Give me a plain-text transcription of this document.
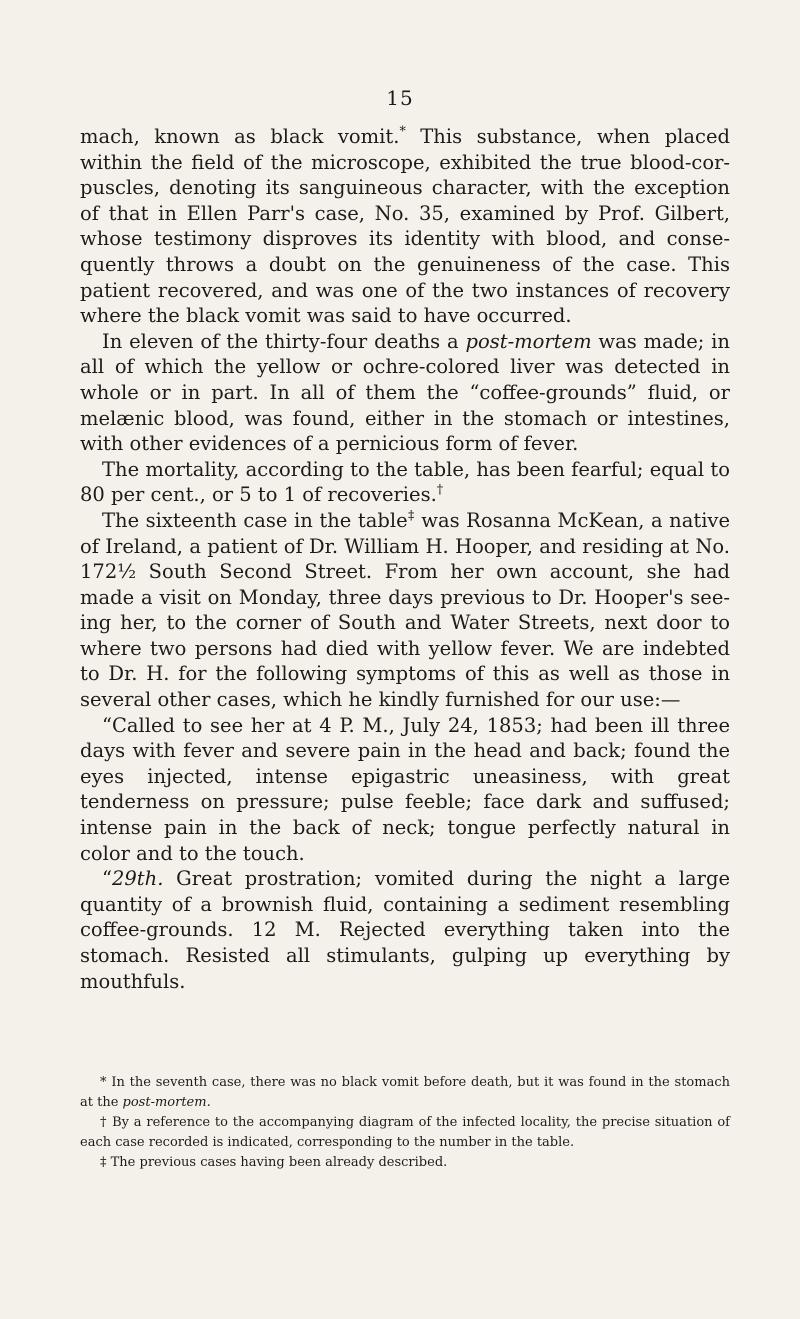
15

mach, known as black vomit.* This substance, when placed within the field of the microscope, exhibited the true blood-corpuscles, denoting its sanguineous character, with the exception of that in Ellen Parr's case, No. 35, examined by Prof. Gilbert, whose testimony disproves its identity with blood, and consequently throws a doubt on the genuineness of the case. This patient recovered, and was one of the two instances of recovery where the black vomit was said to have occurred.

In eleven of the thirty-four deaths a post-mortem was made; in all of which the yellow or ochre-colored liver was detected in whole or in part. In all of them the “coffee-grounds” fluid, or melænic blood, was found, either in the stomach or intestines, with other evidences of a pernicious form of fever.

The mortality, according to the table, has been fearful; equal to 80 per cent., or 5 to 1 of recoveries.†

The sixteenth case in the table‡ was Rosanna McKean, a native of Ireland, a patient of Dr. William H. Hooper, and residing at No. 172½ South Second Street. From her own account, she had made a visit on Monday, three days previous to Dr. Hooper's seeing her, to the corner of South and Water Streets, next door to where two persons had died with yellow fever. We are indebted to Dr. H. for the following symptoms of this as well as those in several other cases, which he kindly furnished for our use:—

“Called to see her at 4 P. M., July 24, 1853; had been ill three days with fever and severe pain in the head and back; found the eyes injected, intense epigastric uneasiness, with great tenderness on pressure; pulse feeble; face dark and suffused; intense pain in the back of neck; tongue perfectly natural in color and to the touch.

“29th. Great prostration; vomited during the night a large quantity of a brownish fluid, containing a sediment resembling coffee-grounds. 12 M. Rejected everything taken into the stomach. Resisted all stimulants, gulping up everything by mouthfuls.

* In the seventh case, there was no black vomit before death, but it was found in the stomach at the post-mortem.

† By a reference to the accompanying diagram of the infected locality, the precise situation of each case recorded is indicated, corresponding to the number in the table.

‡ The previous cases having been already described.
